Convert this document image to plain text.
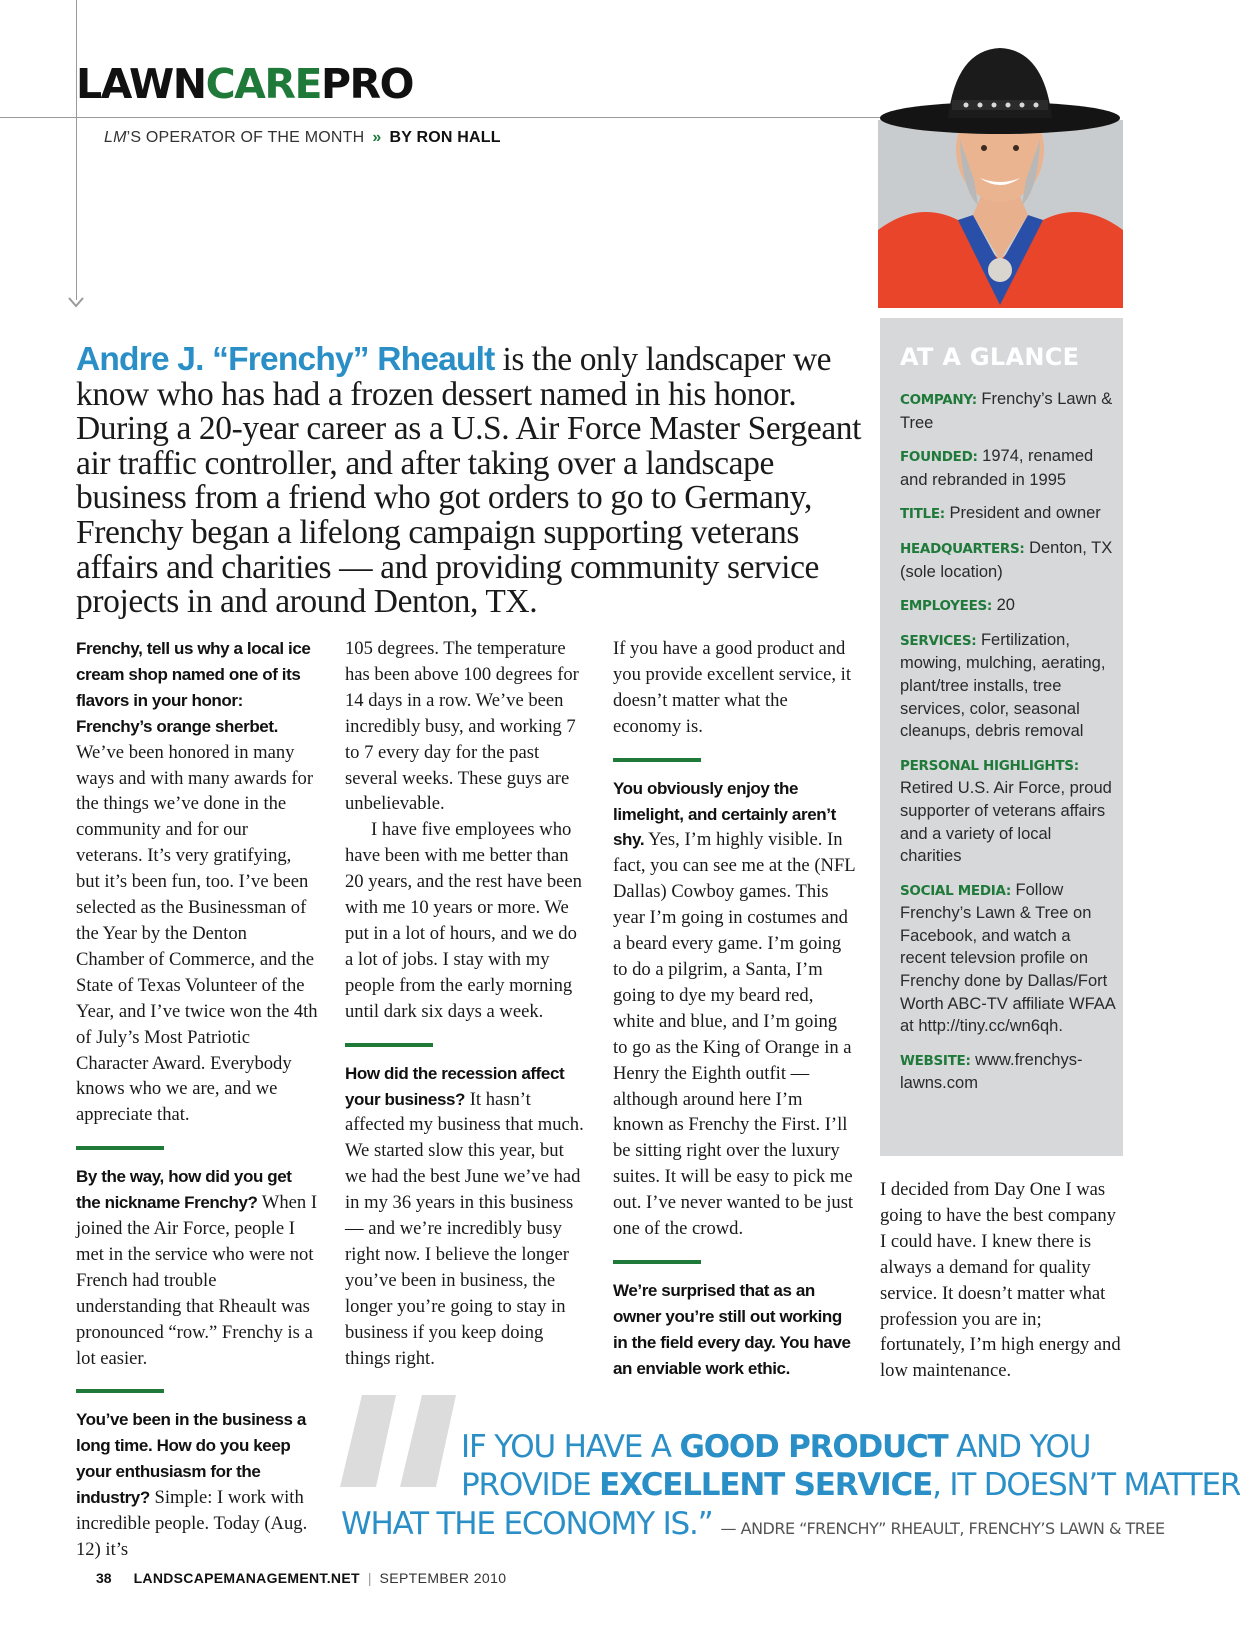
LAWNCAREPRO
LM’S OPERATOR OF THE MONTH » BY RON HALL
Andre J. “Frenchy” Rheault is the only landscaper we know who has had a frozen dessert named in his honor. During a 20-year career as a U.S. Air Force Master Sergeant air traffic controller, and after taking over a landscape business from a friend who got orders to go to Germany, Frenchy began a lifelong campaign supporting veterans affairs and charities — and providing community service projects in and around Denton, TX.

Frenchy, tell us why a local ice cream shop named one of its flavors in your honor: Frenchy’s orange sherbet. We’ve been honored in many ways and with many awards for the things we’ve done in the community and for our veterans. It’s very gratifying, but it’s been fun, too. I’ve been selected as the Businessman of the Year by the Denton Chamber of Commerce, and the State of Texas Volunteer of the Year, and I’ve twice won the 4th of July’s Most Patriotic Character Award. Everybody knows who we are, and we appreciate that.

By the way, how did you get the nickname Frenchy? When I joined the Air Force, people I met in the service who were not French had trouble understanding that Rheault was pronounced “row.” Frenchy is a lot easier.

You’ve been in the business a long time. How do you keep your enthusiasm for the industry? Simple: I work with incredible people. Today (Aug. 12) it’s

105 degrees. The temperature has been above 100 degrees for 14 days in a row. We’ve been incredibly busy, and working 7 to 7 every day for the past several weeks. These guys are unbelievable.

I have five employees who have been with me better than 20 years, and the rest have been with me 10 years or more. We put in a lot of hours, and we do a lot of jobs. I stay with my people from the early morning until dark six days a week.

How did the recession affect your business? It hasn’t affected my business that much. We started slow this year, but we had the best June we’ve had in my 36 years in this business — and we’re incredibly busy right now. I believe the longer you’ve been in business, the longer you’re going to stay in business if you keep doing things right.

If you have a good product and you provide excellent service, it doesn’t matter what the economy is.

You obviously enjoy the limelight, and certainly aren’t shy. Yes, I’m highly visible. In fact, you can see me at the (NFL Dallas) Cowboy games. This year I’m going in costumes and a beard every game. I’m going to do a pilgrim, a Santa, I’m going to dye my beard red, white and blue, and I’m going to go as the King of Orange in a Henry the Eighth outfit — although around here I’m known as Frenchy the First. I’ll be sitting right over the luxury suites. It will be easy to pick me out. I’ve never wanted to be just one of the crowd.

We’re surprised that as an owner you’re still out working in the field every day. You have an enviable work ethic.

I decided from Day One I was going to have the best company I could have. I knew there is always a demand for quality service. It doesn’t matter what profession you are in; fortunately, I’m high energy and low maintenance.

AT A GLANCE
COMPANY: Frenchy’s Lawn & Tree
FOUNDED: 1974, renamed and rebranded in 1995
TITLE: President and owner
HEADQUARTERS: Denton, TX (sole location)
EMPLOYEES: 20
SERVICES: Fertilization, mowing, mulching, aerating, plant/tree installs, tree services, color, seasonal cleanups, debris removal
PERSONAL HIGHLIGHTS: Retired U.S. Air Force, proud supporter of veterans affairs and a variety of local charities
SOCIAL MEDIA: Follow Frenchy’s Lawn & Tree on Facebook, and watch a recent televsion profile on Frenchy done by Dallas/Fort Worth ABC-TV affiliate WFAA at http://tiny.cc/wn6qh.
WEBSITE: www.frenchys-lawns.com
IF YOU HAVE A GOOD PRODUCT AND YOU
PROVIDE EXCELLENT SERVICE, IT DOESN’T MATTER
WHAT THE ECONOMY IS.” — ANDRE “FRENCHY” RHEAULT, FRENCHY’S LAWN & TREE
38 LANDSCAPEMANAGEMENT.NET | SEPTEMBER 2010
